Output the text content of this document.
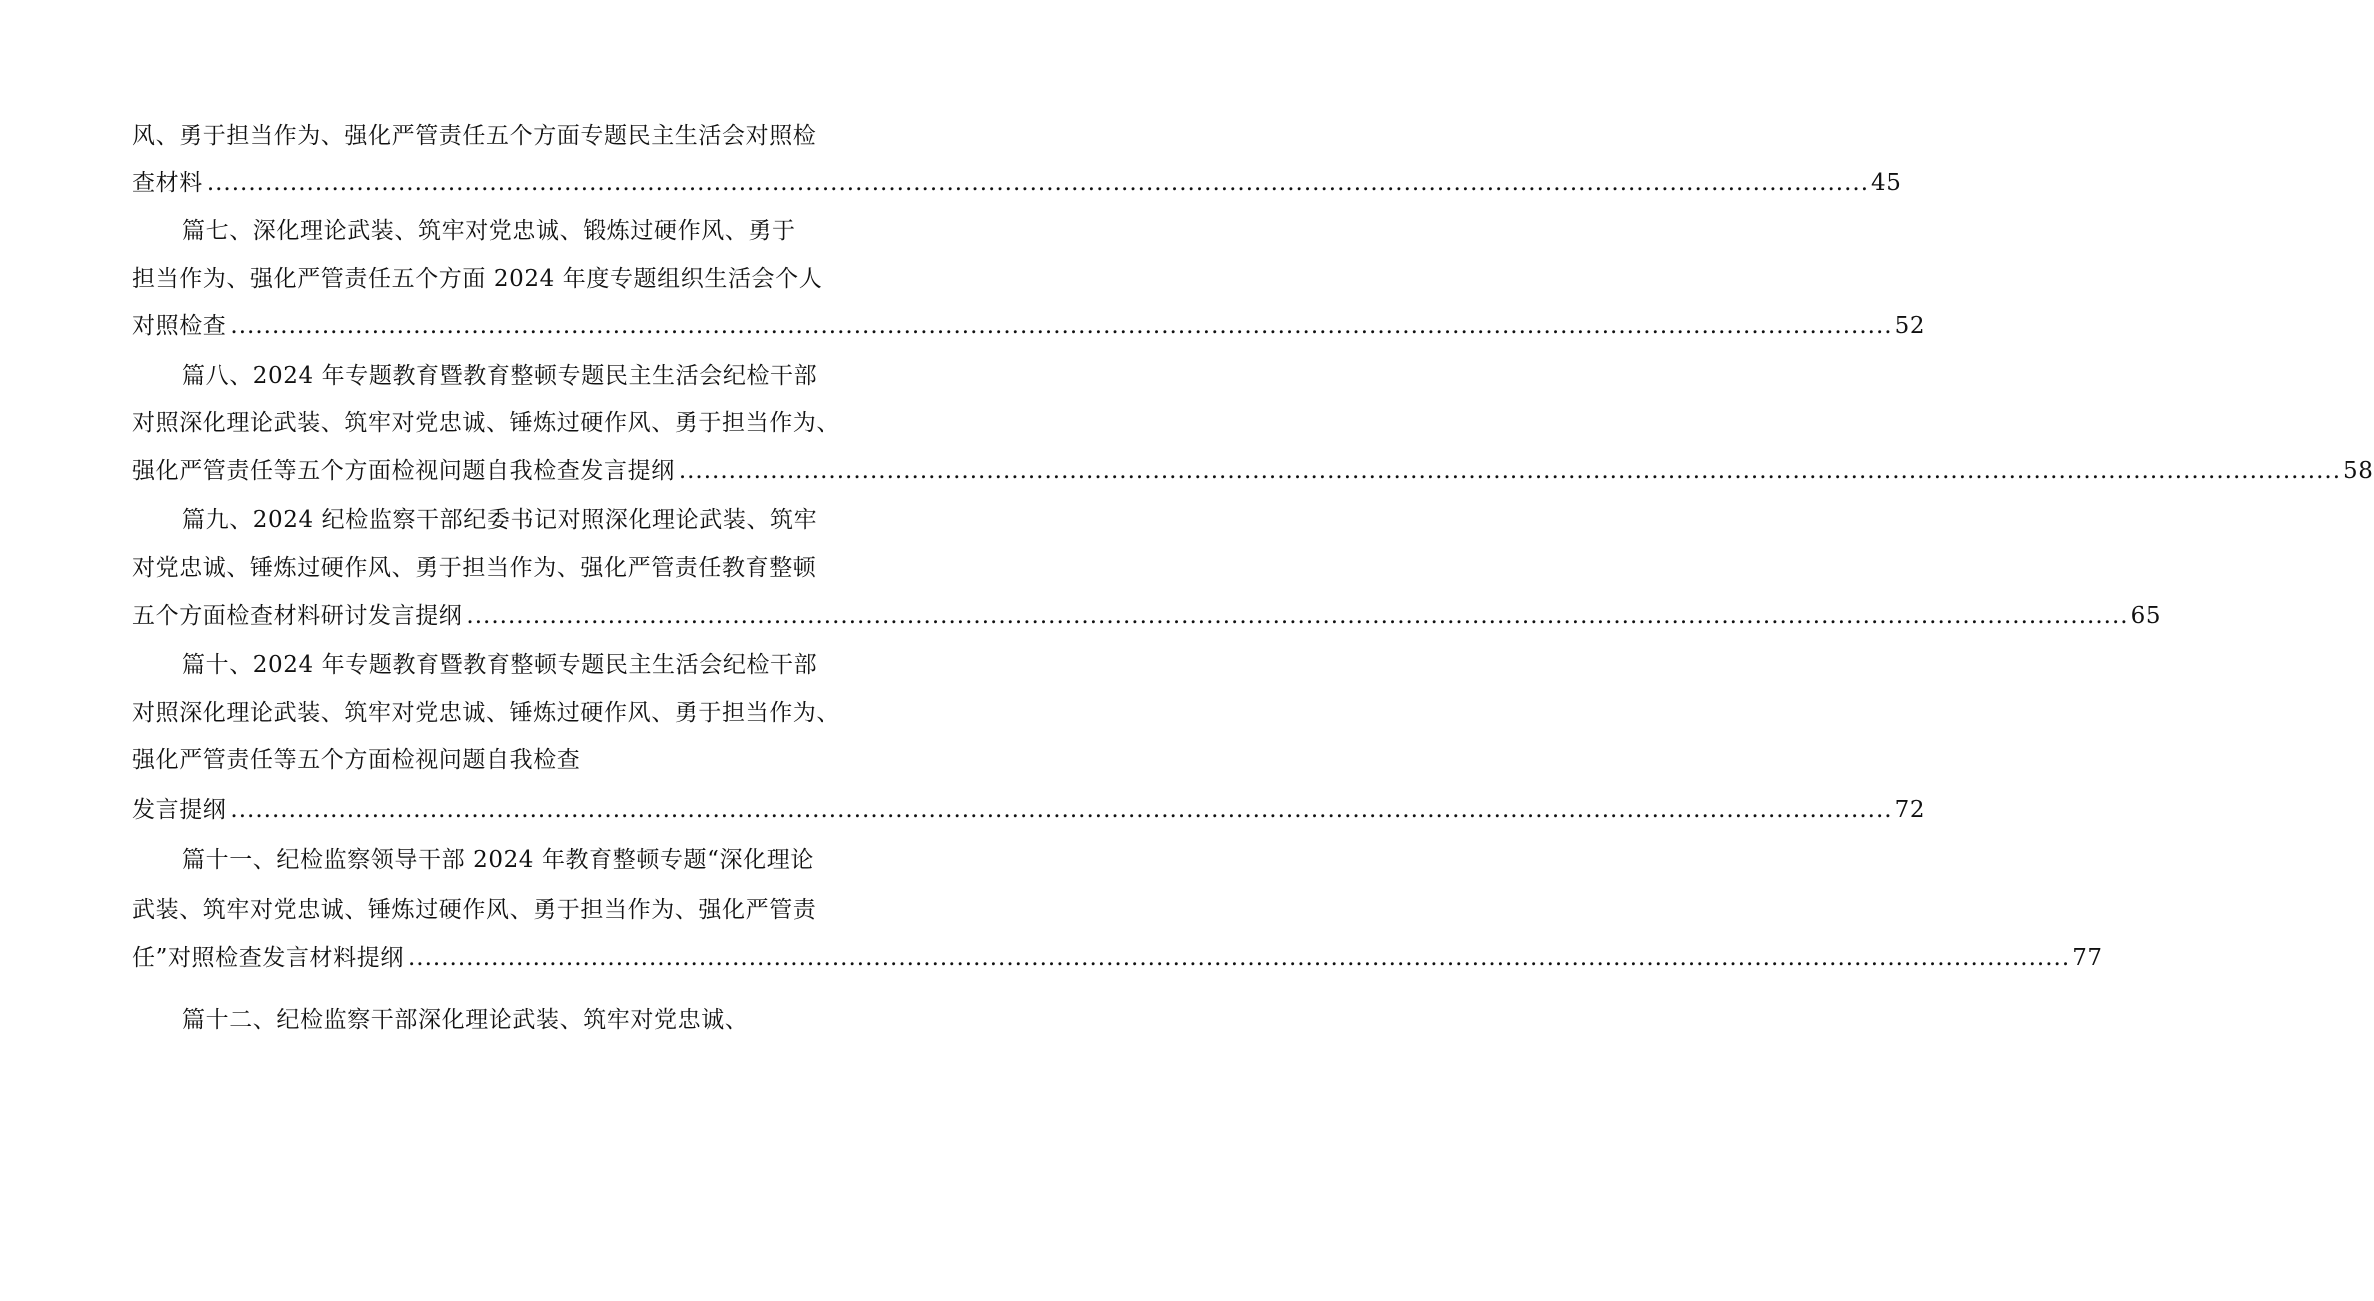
风、勇于担当作为、强化严管责任五个方面专题民主生活会对照检
查材料 ........................................................................................................................................................................................................ 45
篇七、深化理论武装、筑牢对党忠诚、锻炼过硬作风、勇于
担当作为、强化严管责任五个方面 2024 年度专题组织生活会个人
对照检查 ........................................................................................................................................................................................................ 52
篇八、2024 年专题教育暨教育整顿专题民主生活会纪检干部
对照深化理论武装、筑牢对党忠诚、锤炼过硬作风、勇于担当作为、
强化严管责任等五个方面检视问题自我检查发言提纲 ........................................................................................................................................................................................................ 58
篇九、2024 纪检监察干部纪委书记对照深化理论武装、筑牢
对党忠诚、锤炼过硬作风、勇于担当作为、强化严管责任教育整顿
五个方面检查材料研讨发言提纲 ........................................................................................................................................................................................................ 65
篇十、2024 年专题教育暨教育整顿专题民主生活会纪检干部
对照深化理论武装、筑牢对党忠诚、锤炼过硬作风、勇于担当作为、
强化严管责任等五个方面检视问题自我检查
发言提纲 ........................................................................................................................................................................................................ 72
篇十一、纪检监察领导干部 2024 年教育整顿专题“深化理论
武装、筑牢对党忠诚、锤炼过硬作风、勇于担当作为、强化严管责
任”对照检查发言材料提纲 ........................................................................................................................................................................................................ 77
篇十二、纪检监察干部深化理论武装、筑牢对党忠诚、
